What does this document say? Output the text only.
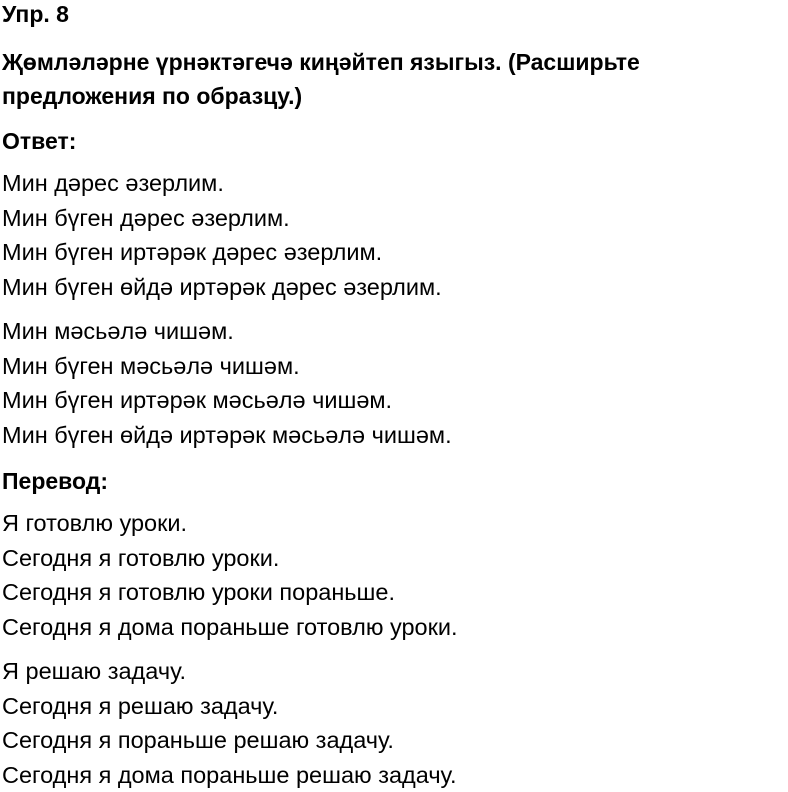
Упр. 8
Җөмләләрне үрнәктәгечә киңәйтеп языгыз. (Расширьте
предложения по образцу.)
Ответ:

Мин дәрес әзерлим.
Мин бүген дәрес әзерлим.
Мин бүген иртәрәк дәрес әзерлим.
Мин бүген өйдә иртәрәк дәрес әзерлим.

Мин мәсьәлә чишәм.
Мин бүген мәсьәлә чишәм.
Мин бүген иртәрәк мәсьәлә чишәм.
Мин бүген өйдә иртәрәк мәсьәлә чишәм.

Перевод:

Я готовлю уроки.
Сегодня я готовлю уроки.
Сегодня я готовлю уроки пораньше.
Сегодня я дома пораньше готовлю уроки.

Я решаю задачу.
Сегодня я решаю задачу.
Сегодня я пораньше решаю задачу.
Сегодня я дома пораньше решаю задачу.
